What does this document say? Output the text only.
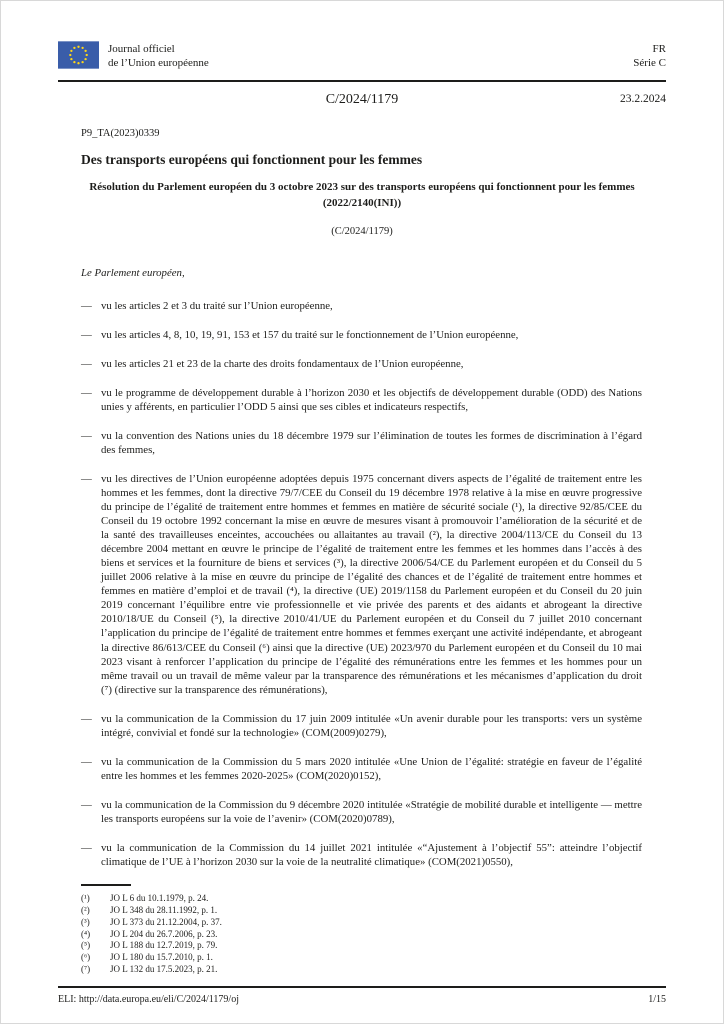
Journal officiel
de l’Union européenne
FR
Série C
C/2024/1179	23.2.2024
P9_TA(2023)0339
Des transports européens qui fonctionnent pour les femmes
Résolution du Parlement européen du 3 octobre 2023 sur des transports européens qui fonctionnent pour les femmes (2022/2140(INI))
(C/2024/1179)
Le Parlement européen,
— vu les articles 2 et 3 du traité sur l’Union européenne,

— vu les articles 4, 8, 10, 19, 91, 153 et 157 du traité sur le fonctionnement de l’Union européenne,

— vu les articles 21 et 23 de la charte des droits fondamentaux de l’Union européenne,

— vu le programme de développement durable à l’horizon 2030 et les objectifs de développement durable (ODD) des Nations unies y afférents, en particulier l’ODD 5 ainsi que ses cibles et indicateurs respectifs,

— vu la convention des Nations unies du 18 décembre 1979 sur l’élimination de toutes les formes de discrimination à l’égard des femmes,

— vu les directives de l’Union européenne adoptées depuis 1975 concernant divers aspects de l’égalité de traitement entre les hommes et les femmes, dont la directive 79/7/CEE du Conseil du 19 décembre 1978 relative à la mise en œuvre progressive du principe de l’égalité de traitement entre hommes et femmes en matière de sécurité sociale (¹), la directive 92/85/CEE du Conseil du 19 octobre 1992 concernant la mise en œuvre de mesures visant à promouvoir l’amélioration de la sécurité et de la santé des travailleuses enceintes, accouchées ou allaitantes au travail (²), la directive 2004/113/CE du Conseil du 13 décembre 2004 mettant en œuvre le principe de l’égalité de traitement entre les femmes et les hommes dans l’accès à des biens et services et la fourniture de biens et services (³), la directive 2006/54/CE du Parlement européen et du Conseil du 5 juillet 2006 relative à la mise en œuvre du principe de l’égalité des chances et de l’égalité de traitement entre hommes et femmes en matière d’emploi et de travail (⁴), la directive (UE) 2019/1158 du Parlement européen et du Conseil du 20 juin 2019 concernant l’équilibre entre vie professionnelle et vie privée des parents et des aidants et abrogeant la directive 2010/18/UE du Conseil (⁵), la directive 2010/41/UE du Parlement européen et du Conseil du 7 juillet 2010 concernant l’application du principe de l’égalité de traitement entre hommes et femmes exerçant une activité indépendante, et abrogeant la directive 86/613/CEE du Conseil (⁶) ainsi que la directive (UE) 2023/970 du Parlement européen et du Conseil du 10 mai 2023 visant à renforcer l’application du principe de l’égalité des rémunérations entre les femmes et les hommes pour un même travail ou un travail de même valeur par la transparence des rémunérations et les mécanismes d’application du droit (⁷) (directive sur la transparence des rémunérations),

— vu la communication de la Commission du 17 juin 2009 intitulée «Un avenir durable pour les transports: vers un système intégré, convivial et fondé sur la technologie» (COM(2009)0279),

— vu la communication de la Commission du 5 mars 2020 intitulée «Une Union de l’égalité: stratégie en faveur de l’égalité entre les hommes et les femmes 2020-2025» (COM(2020)0152),

— vu la communication de la Commission du 9 décembre 2020 intitulée «Stratégie de mobilité durable et intelligente — mettre les transports européens sur la voie de l’avenir» (COM(2020)0789),

— vu la communication de la Commission du 14 juillet 2021 intitulée «“Ajustement à l’objectif 55”: atteindre l’objectif climatique de l’UE à l’horizon 2030 sur la voie de la neutralité climatique» (COM(2021)0550),

(¹)	JO L 6 du 10.1.1979, p. 24.
(²)	JO L 348 du 28.11.1992, p. 1.
(³)	JO L 373 du 21.12.2004, p. 37.
(⁴)	JO L 204 du 26.7.2006, p. 23.
(⁵)	JO L 188 du 12.7.2019, p. 79.
(⁶)	JO L 180 du 15.7.2010, p. 1.
(⁷)	JO L 132 du 17.5.2023, p. 21.
ELI: http://data.europa.eu/eli/C/2024/1179/oj	1/15
